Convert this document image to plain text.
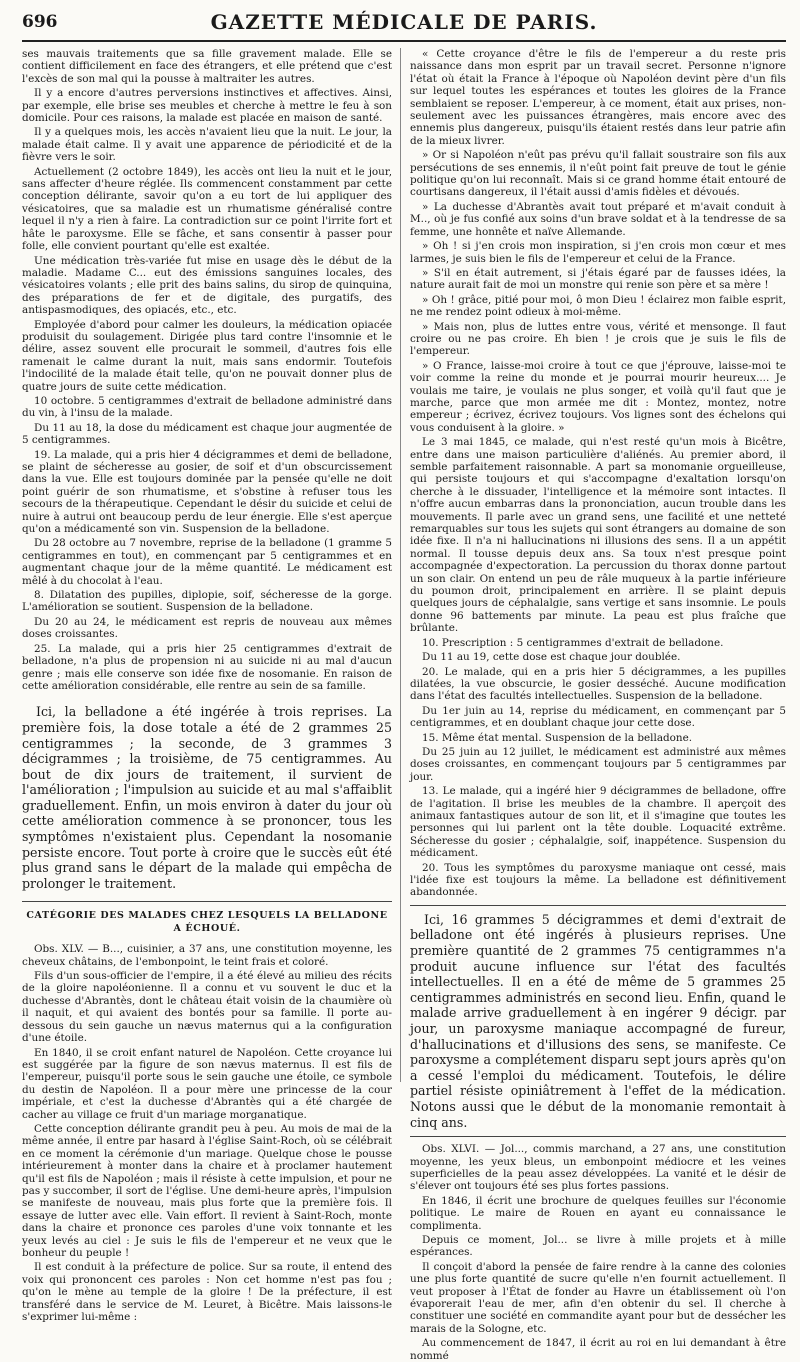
696	GAZETTE MÉDICALE DE PARIS.

ses mauvais traitements que sa fille gravement malade. Elle se contient difficilement en face des étrangers, et elle prétend que c'est l'excès de son mal qui la pousse à maltraiter les autres.

Il y a encore d'autres perversions instinctives et affectives. Ainsi, par exemple, elle brise ses meubles et cherche à mettre le feu à son domicile. Pour ces raisons, la malade est placée en maison de santé.

Il y a quelques mois, les accès n'avaient lieu que la nuit. Le jour, la malade était calme. Il y avait une apparence de périodicité et de la fièvre vers le soir.

Actuellement (2 octobre 1849), les accès ont lieu la nuit et le jour, sans affecter d'heure réglée. Ils commencent constamment par cette conception délirante, savoir qu'on a eu tort de lui appliquer des vésicatoires, que sa maladie est un rhumatisme généralisé contre lequel il n'y a rien à faire. La contradiction sur ce point l'irrite fort et hâte le paroxysme. Elle se fâche, et sans consentir à passer pour folle, elle convient pourtant qu'elle est exaltée.

Une médication très-variée fut mise en usage dès le début de la maladie. Madame C... eut des émissions sanguines locales, des vésicatoires volants ; elle prit des bains salins, du sirop de quinquina, des préparations de fer et de digitale, des purgatifs, des antispasmodiques, des opiacés, etc., etc.

Employée d'abord pour calmer les douleurs, la médication opiacée produisit du soulagement. Dirigée plus tard contre l'insomnie et le délire, assez souvent elle procurait le sommeil, d'autres fois elle ramenait le calme durant la nuit, mais sans endormir. Toutefois l'indocilité de la malade était telle, qu'on ne pouvait donner plus de quatre jours de suite cette médication.

10 octobre. 5 centigrammes d'extrait de belladone administré dans du vin, à l'insu de la malade.

Du 11 au 18, la dose du médicament est chaque jour augmentée de 5 centigrammes.

19. La malade, qui a pris hier 4 décigrammes et demi de belladone, se plaint de sécheresse au gosier, de soif et d'un obscurcissement dans la vue. Elle est toujours dominée par la pensée qu'elle ne doit point guérir de son rhumatisme, et s'obstine à refuser tous les secours de la thérapeutique. Cependant le désir du suicide et celui de nuire à autrui ont beaucoup perdu de leur énergie. Elle s'est aperçue qu'on a médicamenté son vin. Suspension de la belladone.

Du 28 octobre au 7 novembre, reprise de la belladone (1 gramme 5 centigrammes en tout), en commençant par 5 centigrammes et en augmentant chaque jour de la même quantité. Le médicament est mêlé à du chocolat à l'eau.

8. Dilatation des pupilles, diplopie, soif, sécheresse de la gorge. L'amélioration se soutient. Suspension de la belladone.

Du 20 au 24, le médicament est repris de nouveau aux mêmes doses croissantes.

25. La malade, qui a pris hier 25 centigrammes d'extrait de belladone, n'a plus de propension ni au suicide ni au mal d'aucun genre ; mais elle conserve son idée fixe de nosomanie. En raison de cette amélioration considérable, elle rentre au sein de sa famille.

Ici, la belladone a été ingérée à trois reprises. La première fois, la dose totale a été de 2 grammes 25 centigrammes ; la seconde, de 3 grammes 3 décigrammes ; la troisième, de 75 centigrammes. Au bout de dix jours de traitement, il survient de l'amélioration ; l'impulsion au suicide et au mal s'affaiblit graduellement. Enfin, un mois environ à dater du jour où cette amélioration commence à se prononcer, tous les symptômes n'existaient plus. Cependant la nosomanie persiste encore. Tout porte à croire que le succès eût été plus grand sans le départ de la malade qui empêcha de prolonger le traitement.

CATÉGORIE DES MALADES CHEZ LESQUELS LA BELLADONE A ÉCHOUÉ.

Obs. XLV. — B..., cuisinier, a 37 ans, une constitution moyenne, les cheveux châtains, de l'embonpoint, le teint frais et coloré.

Fils d'un sous-officier de l'empire, il a été élevé au milieu des récits de la gloire napoléonienne. Il a connu et vu souvent le duc et la duchesse d'Abrantès, dont le château était voisin de la chaumière où il naquit, et qui avaient des bontés pour sa famille. Il porte au-dessous du sein gauche un nævus maternus qui a la configuration d'une étoile.

En 1840, il se croit enfant naturel de Napoléon. Cette croyance lui est suggérée par la figure de son nævus maternus. Il est fils de l'empereur, puisqu'il porte sous le sein gauche une étoile, ce symbole du destin de Napoléon. Il a pour mère une princesse de la cour impériale, et c'est la duchesse d'Abrantès qui a été chargée de cacher au village ce fruit d'un mariage morganatique.

Cette conception délirante grandit peu à peu. Au mois de mai de la même année, il entre par hasard à l'église Saint-Roch, où se célébrait en ce moment la cérémonie d'un mariage. Quelque chose le pousse intérieurement à monter dans la chaire et à proclamer hautement qu'il est fils de Napoléon ; mais il résiste à cette impulsion, et pour ne pas y succomber, il sort de l'église. Une demi-heure après, l'impulsion se manifeste de nouveau, mais plus forte que la première fois. Il essaye de lutter avec elle. Vain effort. Il revient à Saint-Roch, monte dans la chaire et prononce ces paroles d'une voix tonnante et les yeux levés au ciel : Je suis le fils de l'empereur et ne veux que le bonheur du peuple !

Il est conduit à la préfecture de police. Sur sa route, il entend des voix qui prononcent ces paroles : Non cet homme n'est pas fou ; qu'on le mène au temple de la gloire ! De la préfecture, il est transféré dans le service de M. Leuret, à Bicêtre. Mais laissons-le s'exprimer lui-même :

« Cette croyance d'être le fils de l'empereur a du reste pris naissance dans mon esprit par un travail secret. Personne n'ignore l'état où était la France à l'époque où Napoléon devint père d'un fils sur lequel toutes les espérances et toutes les gloires de la France semblaient se reposer. L'empereur, à ce moment, était aux prises, non-seulement avec les puissances étrangères, mais encore avec des ennemis plus dangereux, puisqu'ils étaient restés dans leur patrie afin de la mieux livrer.

» Or si Napoléon n'eût pas prévu qu'il fallait soustraire son fils aux persécutions de ses ennemis, il n'eût point fait preuve de tout le génie politique qu'on lui reconnaît. Mais si ce grand homme était entouré de courtisans dangereux, il l'était aussi d'amis fidèles et dévoués.

» La duchesse d'Abrantès avait tout préparé et m'avait conduit à M.., où je fus confié aux soins d'un brave soldat et à la tendresse de sa femme, une honnête et naïve Allemande.

» Oh ! si j'en crois mon inspiration, si j'en crois mon cœur et mes larmes, je suis bien le fils de l'empereur et celui de la France.

» S'il en était autrement, si j'étais égaré par de fausses idées, la nature aurait fait de moi un monstre qui renie son père et sa mère !

» Oh ! grâce, pitié pour moi, ô mon Dieu ! éclairez mon faible esprit, ne me rendez point odieux à moi-même.

» Mais non, plus de luttes entre vous, vérité et mensonge. Il faut croire ou ne pas croire. Eh bien ! je crois que je suis le fils de l'empereur.

» O France, laisse-moi croire à tout ce que j'éprouve, laisse-moi te voir comme la reine du monde et je pourrai mourir heureux.... Je voulais me taire, je voulais ne plus songer, et voilà qu'il faut que je marche, parce que mon armée me dit : Montez, montez, notre empereur ; écrivez, écrivez toujours. Vos lignes sont des échelons qui vous conduisent à la gloire. »

Le 3 mai 1845, ce malade, qui n'est resté qu'un mois à Bicêtre, entre dans une maison particulière d'aliénés. Au premier abord, il semble parfaitement raisonnable. A part sa monomanie orgueilleuse, qui persiste toujours et qui s'accompagne d'exaltation lorsqu'on cherche à le dissuader, l'intelligence et la mémoire sont intactes. Il n'offre aucun embarras dans la prononciation, aucun trouble dans les mouvements. Il parle avec un grand sens, une facilité et une netteté remarquables sur tous les sujets qui sont étrangers au domaine de son idée fixe. Il n'a ni hallucinations ni illusions des sens. Il a un appétit normal. Il tousse depuis deux ans. Sa toux n'est presque point accompagnée d'expectoration. La percussion du thorax donne partout un son clair. On entend un peu de râle muqueux à la partie inférieure du poumon droit, principalement en arrière. Il se plaint depuis quelques jours de céphalalgie, sans vertige et sans insomnie. Le pouls donne 96 battements par minute. La peau est plus fraîche que brûlante.

10. Prescription : 5 centigrammes d'extrait de belladone.

Du 11 au 19, cette dose est chaque jour doublée.

20. Le malade, qui en a pris hier 5 décigrammes, a les pupilles dilatées, la vue obscurcie, le gosier desséché. Aucune modification dans l'état des facultés intellectuelles. Suspension de la belladone.

Du 1er juin au 14, reprise du médicament, en commençant par 5 centigrammes, et en doublant chaque jour cette dose.

15. Même état mental. Suspension de la belladone.

Du 25 juin au 12 juillet, le médicament est administré aux mêmes doses croissantes, en commençant toujours par 5 centigrammes par jour.

13. Le malade, qui a ingéré hier 9 décigrammes de belladone, offre de l'agitation. Il brise les meubles de la chambre. Il aperçoit des animaux fantastiques autour de son lit, et il s'imagine que toutes les personnes qui lui parlent ont la tête double. Loquacité extrême. Sécheresse du gosier ; céphalalgie, soif, inappétence. Suspension du médicament.

20. Tous les symptômes du paroxysme maniaque ont cessé, mais l'idée fixe est toujours la même. La belladone est définitivement abandonnée.

Ici, 16 grammes 5 décigrammes et demi d'extrait de belladone ont été ingérés à plusieurs reprises. Une première quantité de 2 grammes 75 centigrammes n'a produit aucune influence sur l'état des facultés intellectuelles. Il en a été de même de 5 grammes 25 centigrammes administrés en second lieu. Enfin, quand le malade arrive graduellement à en ingérer 9 décigr. par jour, un paroxysme maniaque accompagné de fureur, d'hallucinations et d'illusions des sens, se manifeste. Ce paroxysme a complétement disparu sept jours après qu'on a cessé l'emploi du médicament. Toutefois, le délire partiel résiste opiniâtrement à l'effet de la médication. Notons aussi que le début de la monomanie remontait à cinq ans.

Obs. XLVI. — Jol..., commis marchand, a 27 ans, une constitution moyenne, les yeux bleus, un embonpoint médiocre et les veines superficielles de la peau assez développées. La vanité et le désir de s'élever ont toujours été ses plus fortes passions.

En 1846, il écrit une brochure de quelques feuilles sur l'économie politique. Le maire de Rouen en ayant eu connaissance le complimenta.

Depuis ce moment, Jol... se livre à mille projets et à mille espérances.

Il conçoit d'abord la pensée de faire rendre à la canne des colonies une plus forte quantité de sucre qu'elle n'en fournit actuellement. Il veut proposer à l'État de fonder au Havre un établissement où l'on évaporerait l'eau de mer, afin d'en obtenir du sel. Il cherche à constituer une société en commandite ayant pour but de dessécher les marais de la Sologne, etc.

Au commencement de 1847, il écrit au roi en lui demandant à être nommé
